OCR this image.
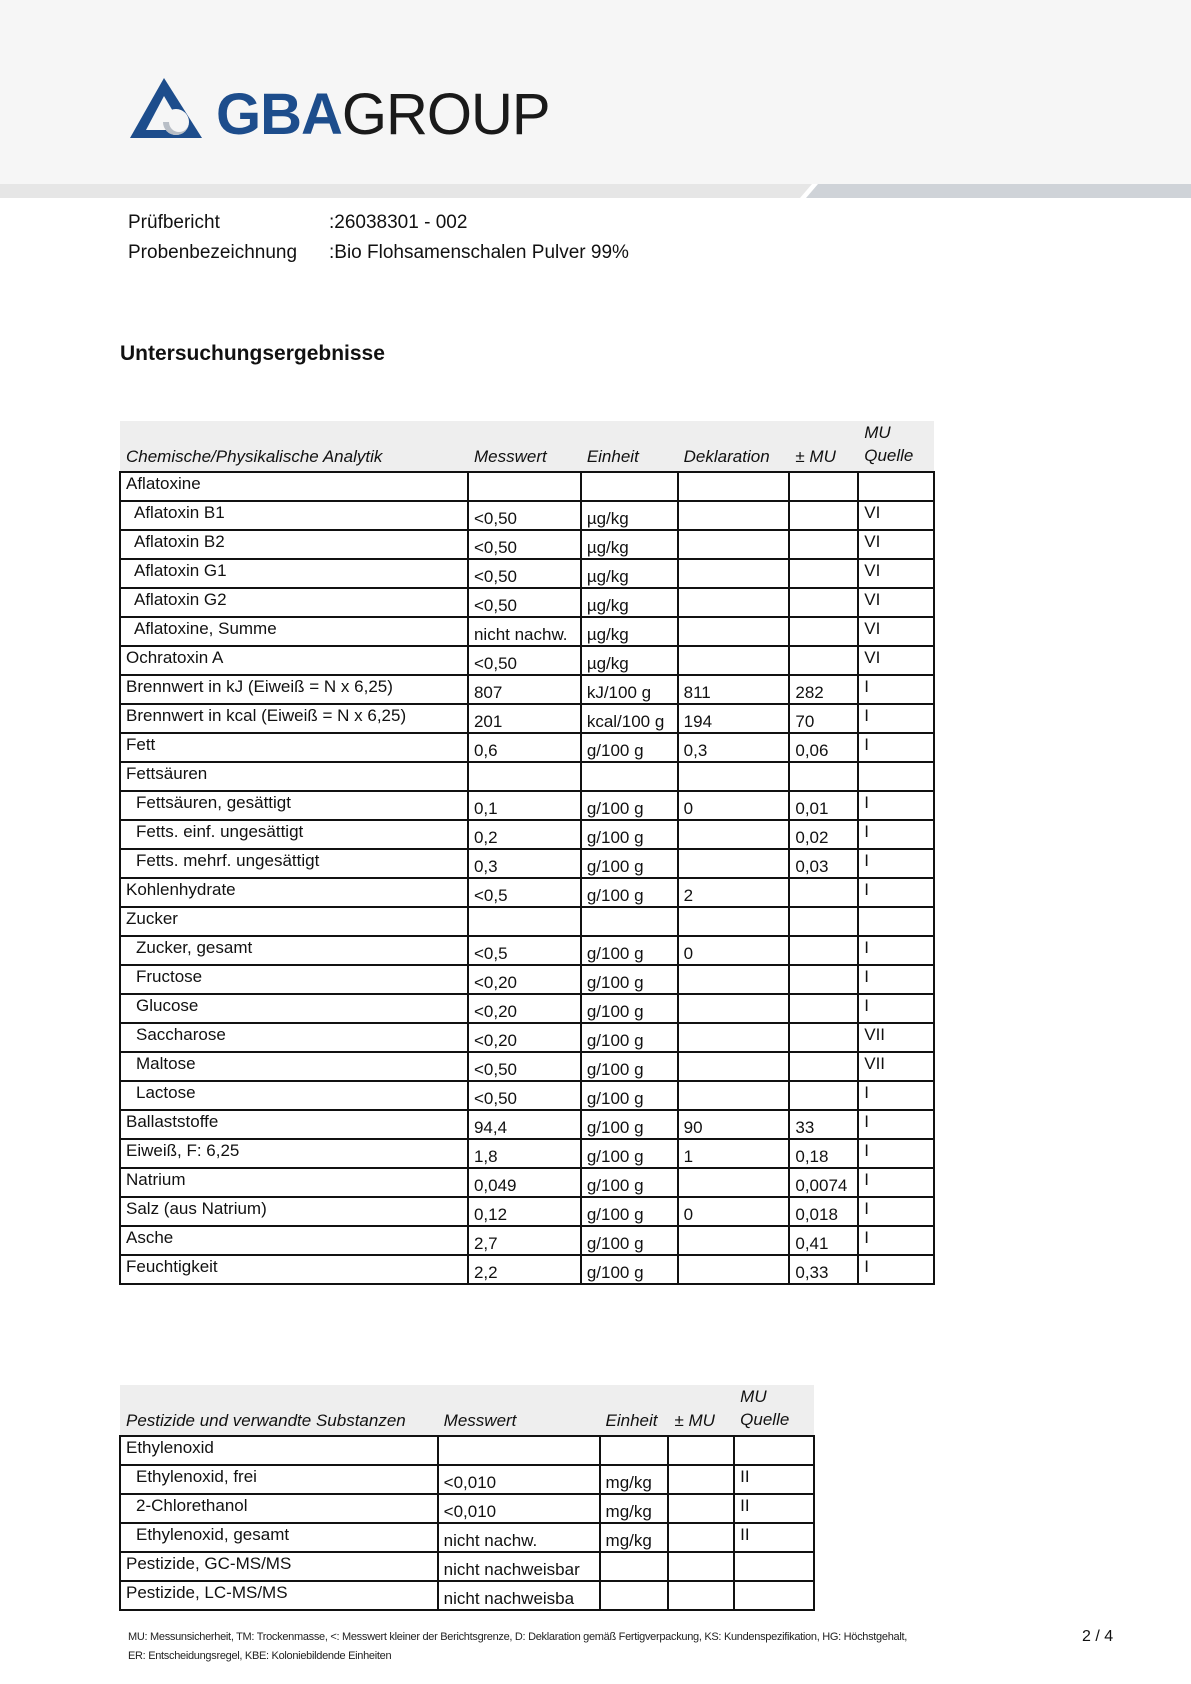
GBAGROUP
Prüfbericht	:26038301 - 002
Probenbezeichnung :Bio Flohsamenschalen Pulver 99%
Untersuchungsergebnisse
Chemische/Physikalische Analytik	Messwert	Einheit	Deklaration	± MU	MU Quelle
Aflatoxine					
Aflatoxin B1	<0,50	µg/kg			VI
Aflatoxin B2	<0,50	µg/kg			VI
Aflatoxin G1	<0,50	µg/kg			VI
Aflatoxin G2	<0,50	µg/kg			VI
Aflatoxine, Summe	nicht nachw.	µg/kg			VI
Ochratoxin A	<0,50	µg/kg			VI
Brennwert in kJ (Eiweiß = N x 6,25)	807	kJ/100 g	811	282	I
Brennwert in kcal (Eiweiß = N x 6,25)	201	kcal/100 g	194	70	I
Fett	0,6	g/100 g	0,3	0,06	I
Fettsäuren					
Fettsäuren, gesättigt	0,1	g/100 g	0	0,01	I
Fetts. einf. ungesättigt	0,2	g/100 g		0,02	I
Fetts. mehrf. ungesättigt	0,3	g/100 g		0,03	I
Kohlenhydrate	<0,5	g/100 g	2		I
Zucker					
Zucker, gesamt	<0,5	g/100 g	0		I
Fructose	<0,20	g/100 g			I
Glucose	<0,20	g/100 g			I
Saccharose	<0,20	g/100 g			VII
Maltose	<0,50	g/100 g			VII
Lactose	<0,50	g/100 g			I
Ballaststoffe	94,4	g/100 g	90	33	I
Eiweiß, F: 6,25	1,8	g/100 g	1	0,18	I
Natrium	0,049	g/100 g		0,0074	I
Salz (aus Natrium)	0,12	g/100 g	0	0,018	I
Asche	2,7	g/100 g		0,41	I
Feuchtigkeit	2,2	g/100 g		0,33	I
Pestizide und verwandte Substanzen	Messwert	Einheit	± MU	MU Quelle
Ethylenoxid				
Ethylenoxid, frei	<0,010	mg/kg		II
2-Chlorethanol	<0,010	mg/kg		II
Ethylenoxid, gesamt	nicht nachw.	mg/kg		II
Pestizide, GC-MS/MS	nicht nachweisbar			
Pestizide, LC-MS/MS	nicht nachweisba			
MU: Messunsicherheit, TM: Trockenmasse, <: Messwert kleiner der Berichtsgrenze, D: Deklaration gemäß Fertigverpackung, KS: Kundenspezifikation, HG: Höchstgehalt,
ER: Entscheidungsregel, KBE: Koloniebildende Einheiten
2 / 4
